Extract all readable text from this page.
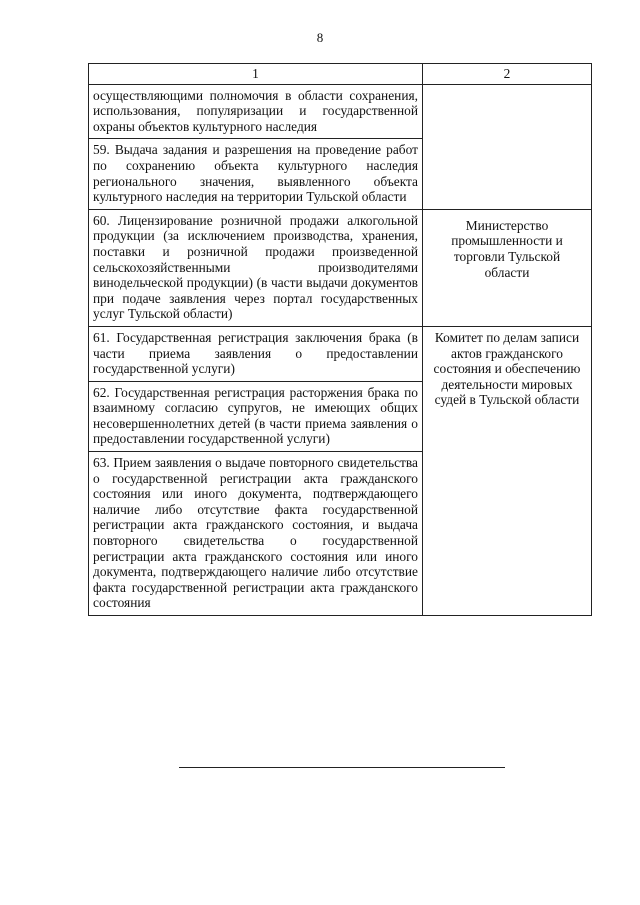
8
1	2
осуществляющими полномочия в области сохранения, использования, популяризации и государственной охраны объектов культурного наследия	
59. Выдача задания и разрешения на проведение работ по сохранению объекта культурного наследия регионального значения, выявленного объекта культурного наследия на территории Тульской области	
60. Лицензирование розничной продажи алкогольной продукции (за исключением производства, хранения, поставки и розничной продажи произведенной сельскохозяйственными производителями винодельческой продукции) (в части выдачи документов при подаче заявления через портал государственных услуг Тульской области)	Министерство промышленности и торговли Тульской области
61. Государственная регистрация заключения брака (в части приема заявления о предоставлении государственной услуги)	Комитет по делам записи актов гражданского состояния и обеспечению деятельности мировых судей в Тульской области
62. Государственная регистрация расторжения брака по взаимному согласию супругов, не имеющих общих несовершеннолетних детей (в части приема заявления о предоставлении государственной услуги)	
63. Прием заявления о выдаче повторного свидетельства о государственной регистрации акта гражданского состояния или иного документа, подтверждающего наличие либо отсутствие факта государственной регистрации акта гражданского состояния, и выдача повторного свидетельства о государственной регистрации акта гражданского состояния или иного документа, подтверждающего наличие либо отсутствие факта государственной регистрации акта гражданского состояния	
